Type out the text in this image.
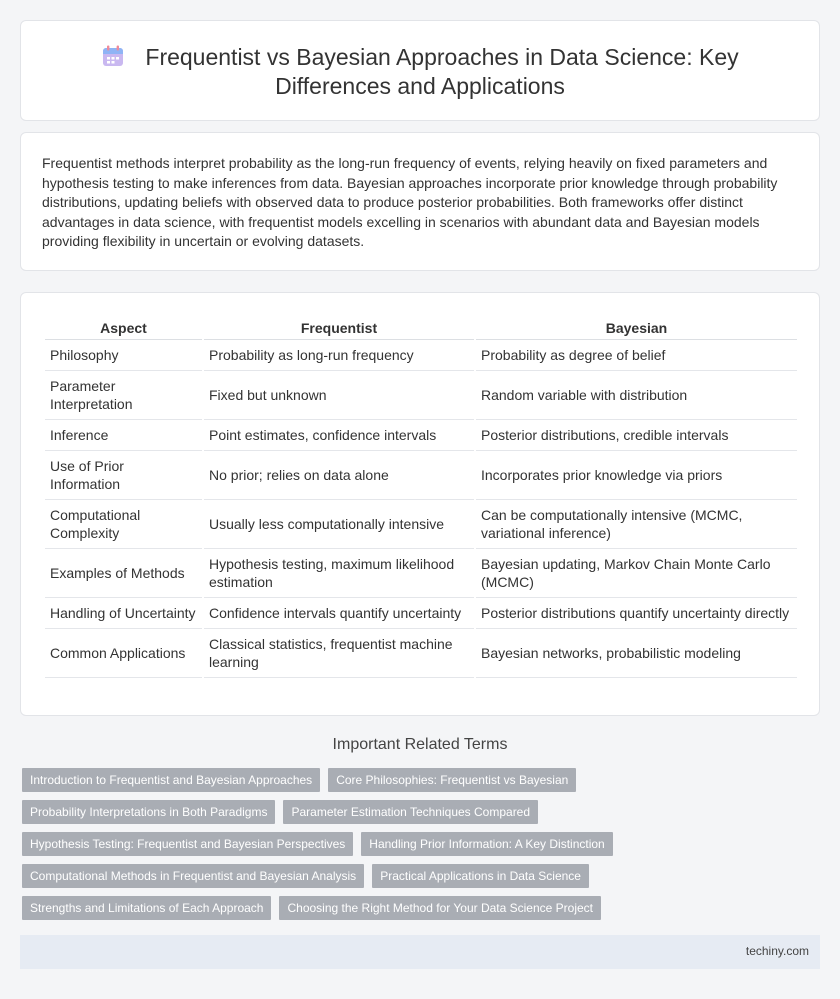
Frequentist vs Bayesian Approaches in Data Science: Key Differences and Applications

Frequentist methods interpret probability as the long-run frequency of events, relying heavily on fixed parameters and hypothesis testing to make inferences from data. Bayesian approaches incorporate prior knowledge through probability distributions, updating beliefs with observed data to produce posterior probabilities. Both frameworks offer distinct advantages in data science, with frequentist models excelling in scenarios with abundant data and Bayesian models providing flexibility in uncertain or evolving datasets.

Aspect	Frequentist	Bayesian
Philosophy	Probability as long-run frequency	Probability as degree of belief
Parameter Interpretation	Fixed but unknown	Random variable with distribution
Inference	Point estimates, confidence intervals	Posterior distributions, credible intervals
Use of Prior Information	No prior; relies on data alone	Incorporates prior knowledge via priors
Computational Complexity	Usually less computationally intensive	Can be computationally intensive (MCMC, variational inference)
Examples of Methods	Hypothesis testing, maximum likelihood estimation	Bayesian updating, Markov Chain Monte Carlo (MCMC)
Handling of Uncertainty	Confidence intervals quantify uncertainty	Posterior distributions quantify uncertainty directly
Common Applications	Classical statistics, frequentist machine learning	Bayesian networks, probabilistic modeling
Important Related Terms
Introduction to Frequentist and Bayesian Approaches	Core Philosophies: Frequentist vs Bayesian
Probability Interpretations in Both Paradigms	Parameter Estimation Techniques Compared
Hypothesis Testing: Frequentist and Bayesian Perspectives	Handling Prior Information: A Key Distinction
Computational Methods in Frequentist and Bayesian Analysis	Practical Applications in Data Science
Strengths and Limitations of Each Approach	Choosing the Right Method for Your Data Science Project
techiny.com
